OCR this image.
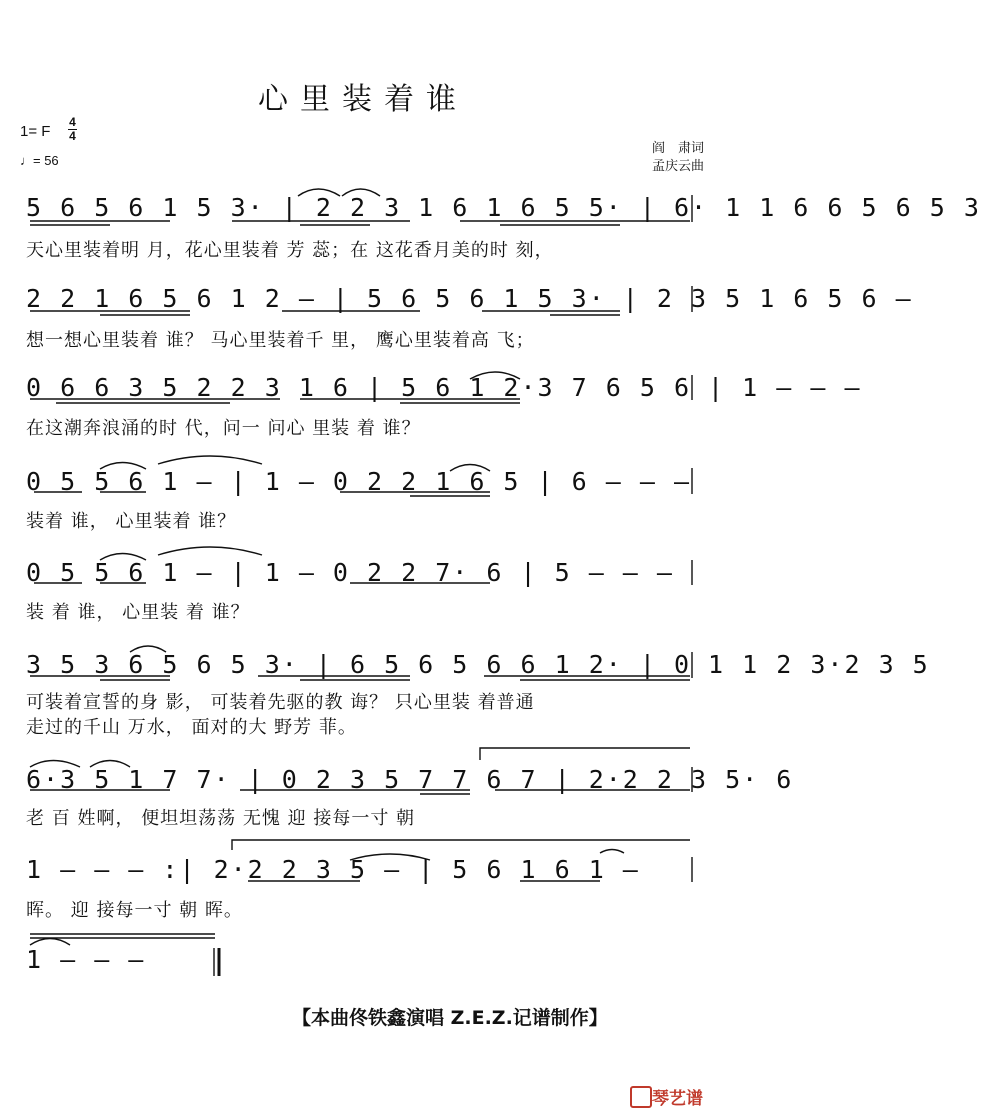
心里装着谁
1= F
4
4
♩= 56
阎　肃词
孟庆云曲
5 6 5 6 1 5 3· | 2 2 3 1 6 1 6 5 5· | 6· 1 1 6 6 5 6 5 3
天心里装着明 月，花心里装着 芳 蕊；在 这花香月美的时 刻，
2 2 1 6 5 6 1 2 — | 5 6 5 6 1 5 3· | 2 3 5 1 6 5 6 —
想一想心里装着 谁？ 马心里装着千 里， 鹰心里装着高 飞；
0 6 6 3 5 2 2 3 1 6 | 5 6 1 2·3 7 6 5 6 | 1 — — —
在这潮奔浪涌的时 代，问一 问心 里装 着 谁？
0 5 5 6 1 — | 1 — 0 2 2 1 6 5 | 6 — — —
装着 谁， 心里装着 谁？
0 5 5 6 1 — | 1 — 0 2 2 7· 6 | 5 — — —
装 着 谁， 心里装 着 谁？
3 5 3 6 5 6 5 3· | 6 5 6 5 6 6 1 2· | 0 1 1 2 3·2 3 5
可装着宣誓的身 影， 可装着先驱的教 诲？ 只心里装 着普通
走过的千山 万水， 面对的大 野芳 菲。
6·3 5 1 7 7· | 0 2 3 5 7 7 6 7 | 2·2 2 3 5· 6
老 百 姓啊， 便坦坦荡荡 无愧 迎 接每一寸 朝
1 — — — :| 2·2 2 3 5 — | 5 6 1 6 1 —
晖。 迎 接每一寸 朝 晖。
1 — — —
【本曲佟铁鑫演唱 Z.E.Z.记谱制作】
琴艺谱
